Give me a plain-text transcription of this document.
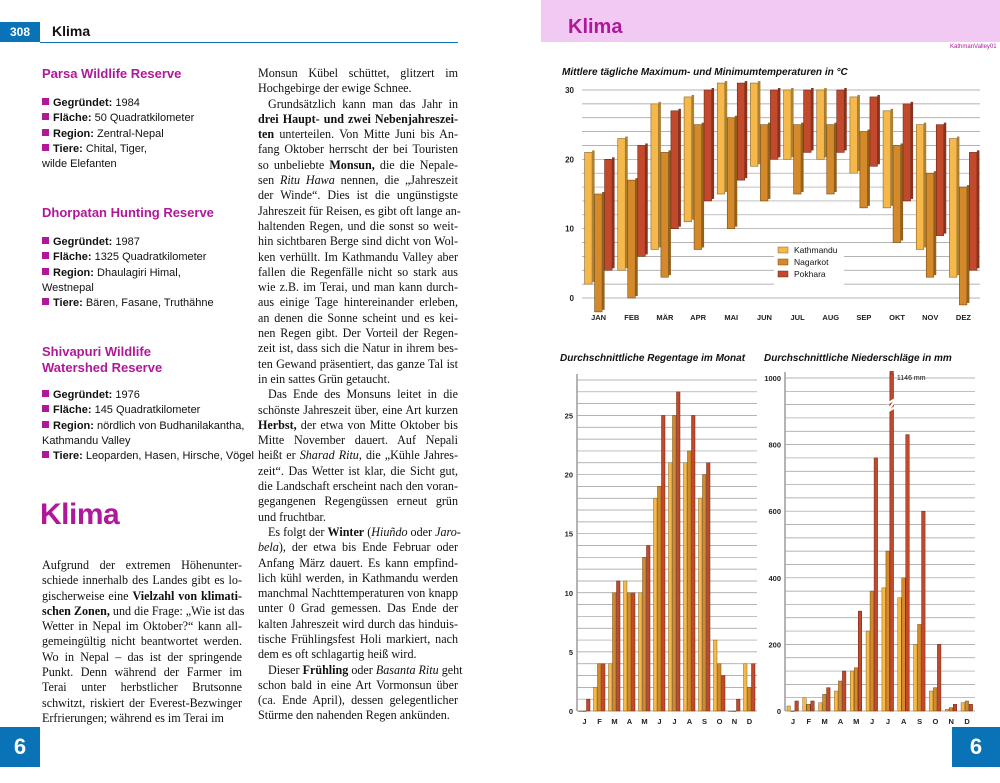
308	Klima
Parsa Wildlife Reserve
Gegründet: 1984
Fläche: 50 Quadratkilometer
Region: Zentral-Nepal
Tiere: Chital, Tiger,
wilde Elefanten
Dhorpatan Hunting Reserve
Gegründet: 1987
Fläche: 1325 Quadratkilometer
Region: Dhaulagiri Himal,
Westnepal
Tiere: Bären, Fasane, Truthähne
Shivapuri Wildlife
Watershed Reserve
Gegründet: 1976
Fläche: 145 Quadratkilometer
Region: nördlich von Budhanilakantha,
Kathmandu Valley
Tiere: Leoparden, Hasen, Hirsche, Vögel
Klima
Aufgrund der extremen Höhenunter-
schiede innerhalb des Landes gibt es lo-
gischerweise eine Vielzahl von klimati-
schen Zonen, und die Frage: „Wie ist das
Wetter in Nepal im Oktober?“ kann all-
gemeingültig nicht beantwortet werden.
Wo in Nepal – das ist der springende
Punkt. Denn während der Farmer im
Terai unter herbstlicher Brutsonne
schwitzt, riskiert der Everest-Bezwinger
Erfrierungen; während es im Terai im
Monsun Kübel schüttet, glitzert im
Hochgebirge der ewige Schnee.
Grundsätzlich kann man das Jahr in
drei Haupt- und zwei Nebenjahreszei-
ten unterteilen. Von Mitte Juni bis An-
fang Oktober herrscht der bei Touristen
so unbeliebte Monsun, die die Nepale-
sen Ritu Hawa nennen, die „Jahreszeit
der Winde“. Dies ist die ungünstigste
Jahreszeit für Reisen, es gibt oft lange an-
haltenden Regen, und die sonst so weit-
hin sichtbaren Berge sind dicht von Wol-
ken verhüllt. Im Kathmandu Valley aber
fallen die Regenfälle nicht so stark aus
wie z.B. im Terai, und man kann durch-
aus einige Tage hintereinander erleben,
an denen die Sonne scheint und es kei-
nen Regen gibt. Der Vorteil der Regen-
zeit ist, dass sich die Natur in ihrem bes-
ten Gewand präsentiert, das ganze Tal ist
in ein sattes Grün getaucht.
Das Ende des Monsuns leitet in die
schönste Jahreszeit über, eine Art kurzen
Herbst, der etwa von Mitte Oktober bis
Mitte November dauert. Auf Nepali
heißt er Sharad Ritu, die „Kühle Jahres-
zeit“. Das Wetter ist klar, die Sicht gut,
die Landschaft erscheint nach den voran-
gegangenen Regengüssen erneut grün
und fruchtbar.
Es folgt der Winter (Hiuñdo oder Jaro-
bela), der etwa bis Ende Februar oder
Anfang März dauert. Es kann empfind-
lich kühl werden, in Kathmandu werden
manchmal Nachttemperaturen von knapp
unter 0 Grad gemessen. Das Ende der
kalten Jahreszeit wird durch das hinduis-
tische Frühlingsfest Holi markiert, nach
dem es oft schlagartig heiß wird.
Dieser Frühling oder Basanta Ritu geht
schon bald in eine Art Vormonsun über
(ca. Ende April), dessen gelegentlicher
Stürme den nahenden Regen ankünden.
6
Klima
KathmanValley01
Mittlere tägliche Maximum- und Minimumtemperaturen in °C
0
10
20
30
JAN FEB MÄR APR MAI	JUN JUL AUG SEP OKT NOV DEZ
Kathmandu
Nagarkot
Pokhara
Durchschnittliche Regentage im Monat
0
5
10
15
20
25
J F M A M J J A S O N D
Durchschnittliche Niederschläge in mm
0
200
400
600
800
1000
J F M A M J J A S O N D
1146 mm
6
